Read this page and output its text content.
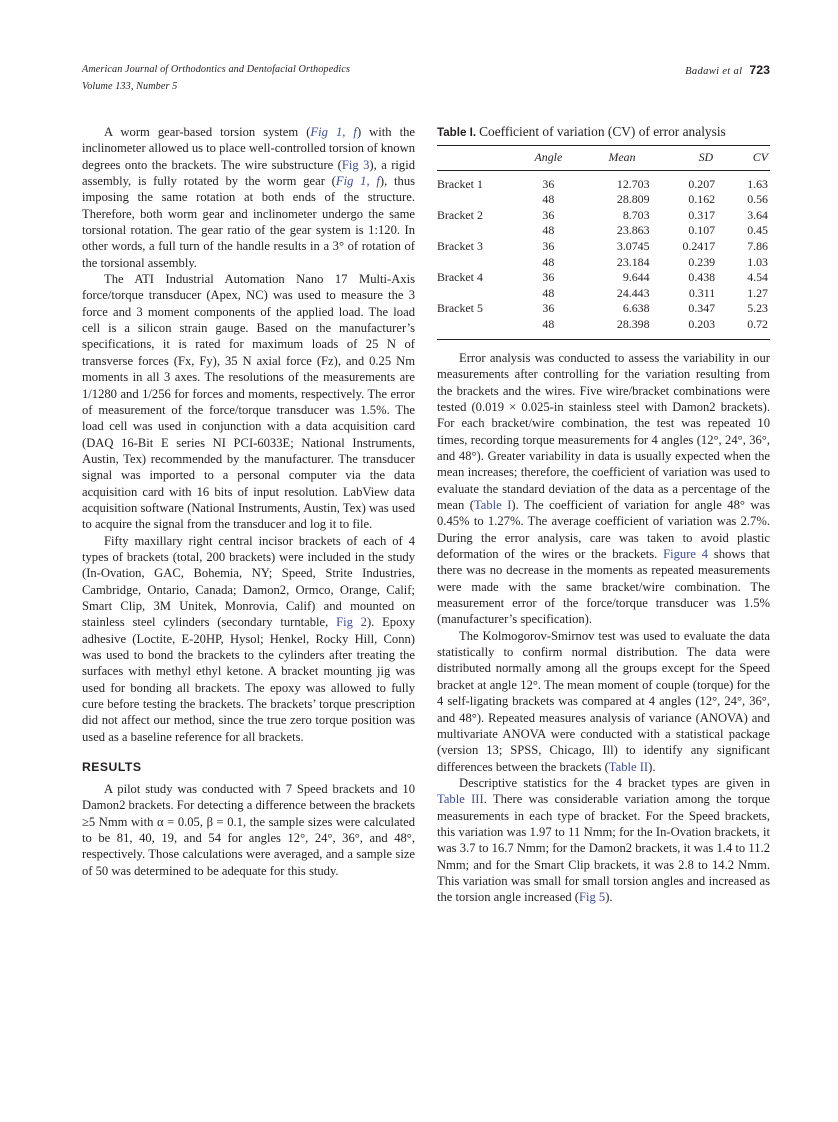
American Journal of Orthodontics and Dentofacial Orthopedics
Volume 133, Number 5
Badawi et al 723

A worm gear-based torsion system (Fig 1, f) with the inclinometer allowed us to place well-controlled torsion of known degrees onto the brackets. The wire substructure (Fig 3), a rigid assembly, is fully rotated by the worm gear (Fig 1, f), thus imposing the same rotation at both ends of the structure. Therefore, both worm gear and inclinometer undergo the same torsional rotation. The gear ratio of the gear system is 1:120. In other words, a full turn of the handle results in a 3° of rotation of the torsional assembly.

The ATI Industrial Automation Nano 17 Multi-Axis force/torque transducer (Apex, NC) was used to measure the 3 force and 3 moment components of the applied load. The load cell is a silicon strain gauge. Based on the manufacturer’s specifications, it is rated for maximum loads of 25 N of transverse forces (Fx, Fy), 35 N axial force (Fz), and 0.25 Nm moments in all 3 axes. The resolutions of the measurements are 1/1280 and 1/256 for forces and moments, respectively. The error of measurement of the force/torque transducer was 1.5%. The load cell was used in conjunction with a data acquisition card (DAQ 16-Bit E series NI PCI-6033E; National Instruments, Austin, Tex) recommended by the manufacturer. The transducer signal was imported to a personal computer via the data acquisition card with 16 bits of input resolution. LabView data acquisition software (National Instruments, Austin, Tex) was used to acquire the signal from the transducer and log it to file.

Fifty maxillary right central incisor brackets of each of 4 types of brackets (total, 200 brackets) were included in the study (In-Ovation, GAC, Bohemia, NY; Speed, Strite Industries, Cambridge, Ontario, Canada; Damon2, Ormco, Orange, Calif; Smart Clip, 3M Unitek, Monrovia, Calif) and mounted on stainless steel cylinders (secondary turntable, Fig 2). Epoxy adhesive (Loctite, E-20HP, Hysol; Henkel, Rocky Hill, Conn) was used to bond the brackets to the cylinders after treating the surfaces with methyl ethyl ketone. A bracket mounting jig was used for bonding all brackets. The epoxy was allowed to fully cure before testing the brackets. The brackets’ torque prescription did not affect our method, since the true zero torque position was used as a baseline reference for all brackets.

RESULTS

A pilot study was conducted with 7 Speed brackets and 10 Damon2 brackets. For detecting a difference between the brackets ≥5 Nmm with α = 0.05, β = 0.1, the sample sizes were calculated to be 81, 40, 19, and 54 for angles 12°, 24°, 36°, and 48°, respectively. Those calculations were averaged, and a sample size of 50 was determined to be adequate for this study.

Table I. Coefficient of variation (CV) of error analysis
	Angle	Mean	SD	CV
Bracket 1	36	12.703	0.207	1.63
	48	28.809	0.162	0.56
Bracket 2	36	8.703	0.317	3.64
	48	23.863	0.107	0.45
Bracket 3	36	3.0745	0.2417	7.86
	48	23.184	0.239	1.03
Bracket 4	36	9.644	0.438	4.54
	48	24.443	0.311	1.27
Bracket 5	36	6.638	0.347	5.23
	48	28.398	0.203	0.72

Error analysis was conducted to assess the variability in our measurements after controlling for the variation resulting from the brackets and the wires. Five wire/bracket combinations were tested (0.019 × 0.025-in stainless steel with Damon2 brackets). For each bracket/wire combination, the test was repeated 10 times, recording torque measurements for 4 angles (12°, 24°, 36°, and 48°). Greater variability in data is usually expected when the mean increases; therefore, the coefficient of variation was used to evaluate the standard deviation of the data as a percentage of the mean (Table I). The coefficient of variation for angle 48° was 0.45% to 1.27%. The average coefficient of variation was 2.7%. During the error analysis, care was taken to avoid plastic deformation of the wires or the brackets. Figure 4 shows that there was no decrease in the moments as repeated measurements were made with the same bracket/wire combination. The measurement error of the force/torque transducer was 1.5% (manufacturer’s specification).

The Kolmogorov-Smirnov test was used to evaluate the data statistically to confirm normal distribution. The data were distributed normally among all the groups except for the Speed bracket at angle 12°. The mean moment of couple (torque) for the 4 self-ligating brackets was compared at 4 angles (12°, 24°, 36°, and 48°). Repeated measures analysis of variance (ANOVA) and multivariate ANOVA were conducted with a statistical package (version 13; SPSS, Chicago, Ill) to identify any significant differences between the brackets (Table II).

Descriptive statistics for the 4 bracket types are given in Table III. There was considerable variation among the torque measurements in each type of bracket. For the Speed brackets, this variation was 1.97 to 11 Nmm; for the In-Ovation brackets, it was 3.7 to 16.7 Nmm; for the Damon2 brackets, it was 1.4 to 11.2 Nmm; and for the Smart Clip brackets, it was 2.8 to 14.2 Nmm. This variation was small for small torsion angles and increased as the torsion angle increased (Fig 5).
